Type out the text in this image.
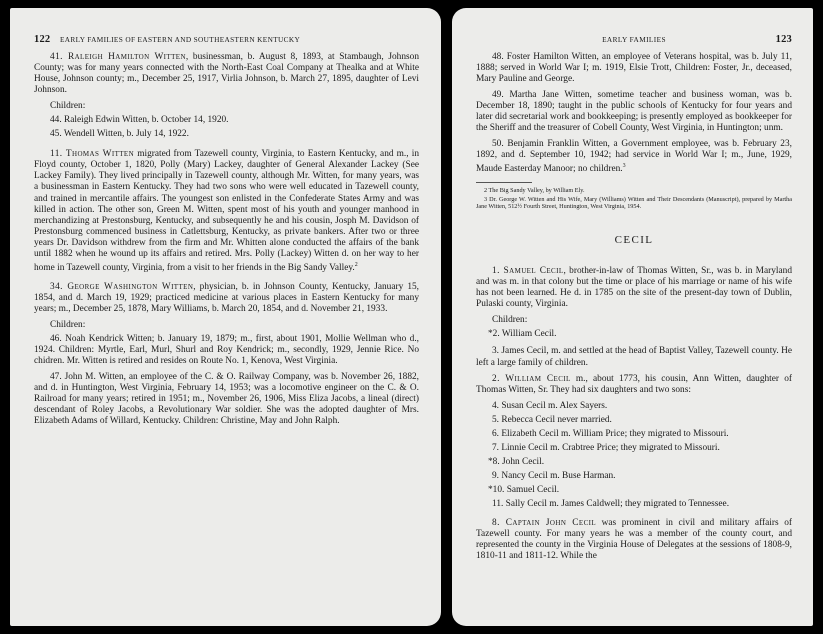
122 EARLY FAMILIES OF EASTERN AND SOUTHEASTERN KENTUCKY

41. Raleigh Hamilton Witten, businessman, b. August 8, 1893, at Stambaugh, Johnson County; was for many years connected with the North-East Coal Company at Thealka and at White House, Johnson county; m., December 25, 1917, Virlia Johnson, b. March 27, 1895, daughter of Levi Johnson.

Children:

44. Raleigh Edwin Witten, b. October 14, 1920.

45. Wendell Witten, b. July 14, 1922.

11. Thomas Witten migrated from Tazewell county, Virginia, to Eastern Kentucky, and m., in Floyd county, October 1, 1820, Polly (Mary) Lackey, daughter of General Alexander Lackey (See Lackey Family). They lived principally in Tazewell county, although Mr. Witten, for many years, was a businessman in Eastern Kentucky. They had two sons who were well educated in Tazewell county, and trained in mercantile affairs. The youngest son enlisted in the Confederate States Army and was killed in action. The other son, Green M. Witten, spent most of his youth and younger manhood in merchandizing at Prestonsburg, Kentucky, and subsequently he and his cousin, Josph M. Davidson of Prestonsburg commenced business in Catlettsburg, Kentucky, as private bankers. After two or three years Dr. Davidson withdrew from the firm and Mr. Whitten alone conducted the affairs of the bank until 1882 when he wound up its affairs and retired. Mrs. Polly (Lackey) Witten d. on her way to her home in Tazewell county, Virginia, from a visit to her friends in the Big Sandy Valley.$^2$

34. George Washington Witten, physician, b. in Johnson County, Kentucky, January 15, 1854, and d. March 19, 1929; practiced medicine at various places in Eastern Kentucky for many years; m., December 25, 1878, Mary Williams, b. March 20, 1854, and d. November 21, 1933.

Children:

46. Noah Kendrick Witten; b. January 19, 1879; m., first, about 1901, Mollie Wellman who d., 1924. Children: Myrtle, Earl, Murl, Shurl and Roy Kendrick; m., secondly, 1929, Jennie Rice. No chidren. Mr. Witten is retired and resides on Route No. 1, Kenova, West Virginia.

47. John M. Witten, an employee of the C. & O. Railway Company, was b. November 26, 1882, and d. in Huntington, West Virginia, February 14, 1953; was a locomotive engineer on the C. & O. Railroad for many years; retired in 1951; m., November 26, 1906, Miss Eliza Jacobs, a lineal (direct) descendant of Roley Jacobs, a Revolutionary War soldier. She was the adopted daughter of Mrs. Elizabeth Adams of Willard, Kentucky. Children: Christine, May and John Ralph.

EARLY FAMILIES	123

48. Foster Hamilton Witten, an employee of Veterans hospital, was b. July 11, 1888; served in World War I; m. 1919, Elsie Trott, Children: Foster, Jr., deceased, Mary Pauline and George.

49. Martha Jane Witten, sometime teacher and business woman, was b. December 18, 1890; taught in the public schools of Kentucky for four years and later did secretarial work and bookkeeping; is presently employed as bookkeeper for the Sheriff and the treasurer of Cobell County, West Virginia, in Huntington; unm.

50. Benjamin Franklin Witten, a Government employee, was b. February 23, 1892, and d. September 10, 1942; had service in World War I; m., June, 1929, Maude Easterday Manoor; no children.$^3$

2 The Big Sandy Valley, by William Ely.

3 Dr. George W. Witten and His Wife, Mary (Williams) Witten and Their Descendants (Manuscript), prepared by Martha Jane Witten, 512½ Fourth Street, Huntington, West Virginia, 1954.

CECIL

1. Samuel Cecil, brother-in-law of Thomas Witten, Sr., was b. in Maryland and was m. in that colony but the time or place of his marriage or name of his wife has not been learned. He d. in 1785 on the site of the present-day town of Dublin, Pulaski county, Virginia.

Children:

*2. William Cecil.

3. James Cecil, m. and settled at the head of Baptist Valley, Tazewell county. He left a large family of children.

2. William Cecil m., about 1773, his cousin, Ann Witten, daughter of Thomas Witten, Sr. They had six daughters and two sons:

4. Susan Cecil m. Alex Sayers.

5. Rebecca Cecil never married.

6. Elizabeth Cecil m. William Price; they migrated to Missouri.

7. Linnie Cecil m. Crabtree Price; they migrated to Missouri.

*8. John Cecil.

9. Nancy Cecil m. Buse Harman.

*10. Samuel Cecil.

11. Sally Cecil m. James Caldwell; they migrated to Tennessee.

8. Captain John Cecil was prominent in civil and military affairs of Tazewell county. For many years he was a member of the county court, and represented the county in the Virginia House of Delegates at the sessions of 1808-9, 1810-11 and 1811-12. While the
